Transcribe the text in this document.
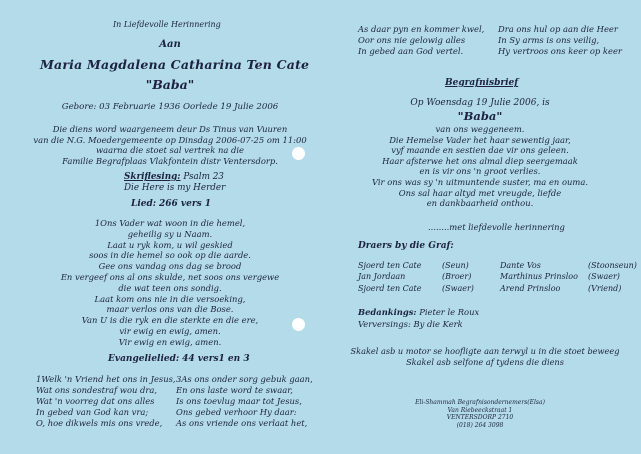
In Liefdevolle Herinnering
Aan
Maria Magdalena Catharina Ten Cate
"Baba"
Gebore: 03 Februarie 1936 Oorlede 19 Julie 2006
Die diens word waargeneem deur Ds Tinus van Vuuren
van die N.G. Moedergemeente op Dinsdag 2006-07-25 om 11:00
waarna die stoet sal vertrek na die
Familie Begrafplaas Vlakfontein distr Ventersdorp.
Skriflesing: Psalm 23
Die Here is my Herder
Lied: 266 vers 1
1Ons Vader wat woon in die hemel,
geheilig sy u Naam.
Laat u ryk kom, u wil geskied
soos in die hemel so ook op die aarde.
Gee ons vandag ons dag se brood
En vergeef ons al ons skulde, net soos ons vergewe
die wat teen ons sondig.
Laat kom ons nie in die versoeking,
maar verlos ons van die Bose.
Van U is die ryk en die sterkte en die ere,
vir ewig en ewig, amen.
Vir ewig en ewig, amen.
Evangelielied: 44 vers1 en 3
1Welk 'n Vriend het ons in Jesus,
Wat ons sondestraf wou dra,
Wat 'n voorreg dat ons alles
In gebed van God kan vra;
O, hoe dikwels mis ons vrede,
3As ons onder sorg gebuk gaan,
En ons laste word te swaar,
Is ons toevlug maar tot Jesus,
Ons gebed verhoor Hy daar:
As ons vriende ons verlaat het,
As daar pyn en kommer kwel,
Oor ons nie gelowig alles
In gebed aan God vertel.
Dra ons hul op aan die Heer
In Sy arms is ons veilig,
Hy vertroos ons keer op keer
Begrafnisbrief
Op Woensdag 19 Julie 2006, is
"Baba"
van ons weggeneem.
Die Hemelse Vader het haar sewentig jaar,
vyf maande en sestien dae vir ons geleen.
Haar afsterwe het ons almal diep seergemaak
en is vir ons 'n groot verlies.
Vir ons was sy 'n uitmuntende suster, ma en ouma.
Ons sal haar altyd met vreugde, liefde
en dankbaarheid onthou.
........met liefdevolle herinnering
Draers by die Graf:
Sjoerd ten Cate	(Seun)	Dante Vos	(Stoonseun)
Jan Jordaan	(Broer)	Marthinus Prinsloo	(Swaer)
Sjoerd ten Cate	(Swaer)	Arend Prinsloo	(Vriend)
Bedankings: Pieter le Roux
Verversings: By die Kerk
Skakel asb u motor se hoofligte aan terwyl u in die stoet beweeg
Skakel asb selfone af tydens die diens
Eli-Shammah Begrafnisondernemers(Elsa)
Van Riebeeckstraat 1
VENTERSDORP 2710
(018) 264 3098
